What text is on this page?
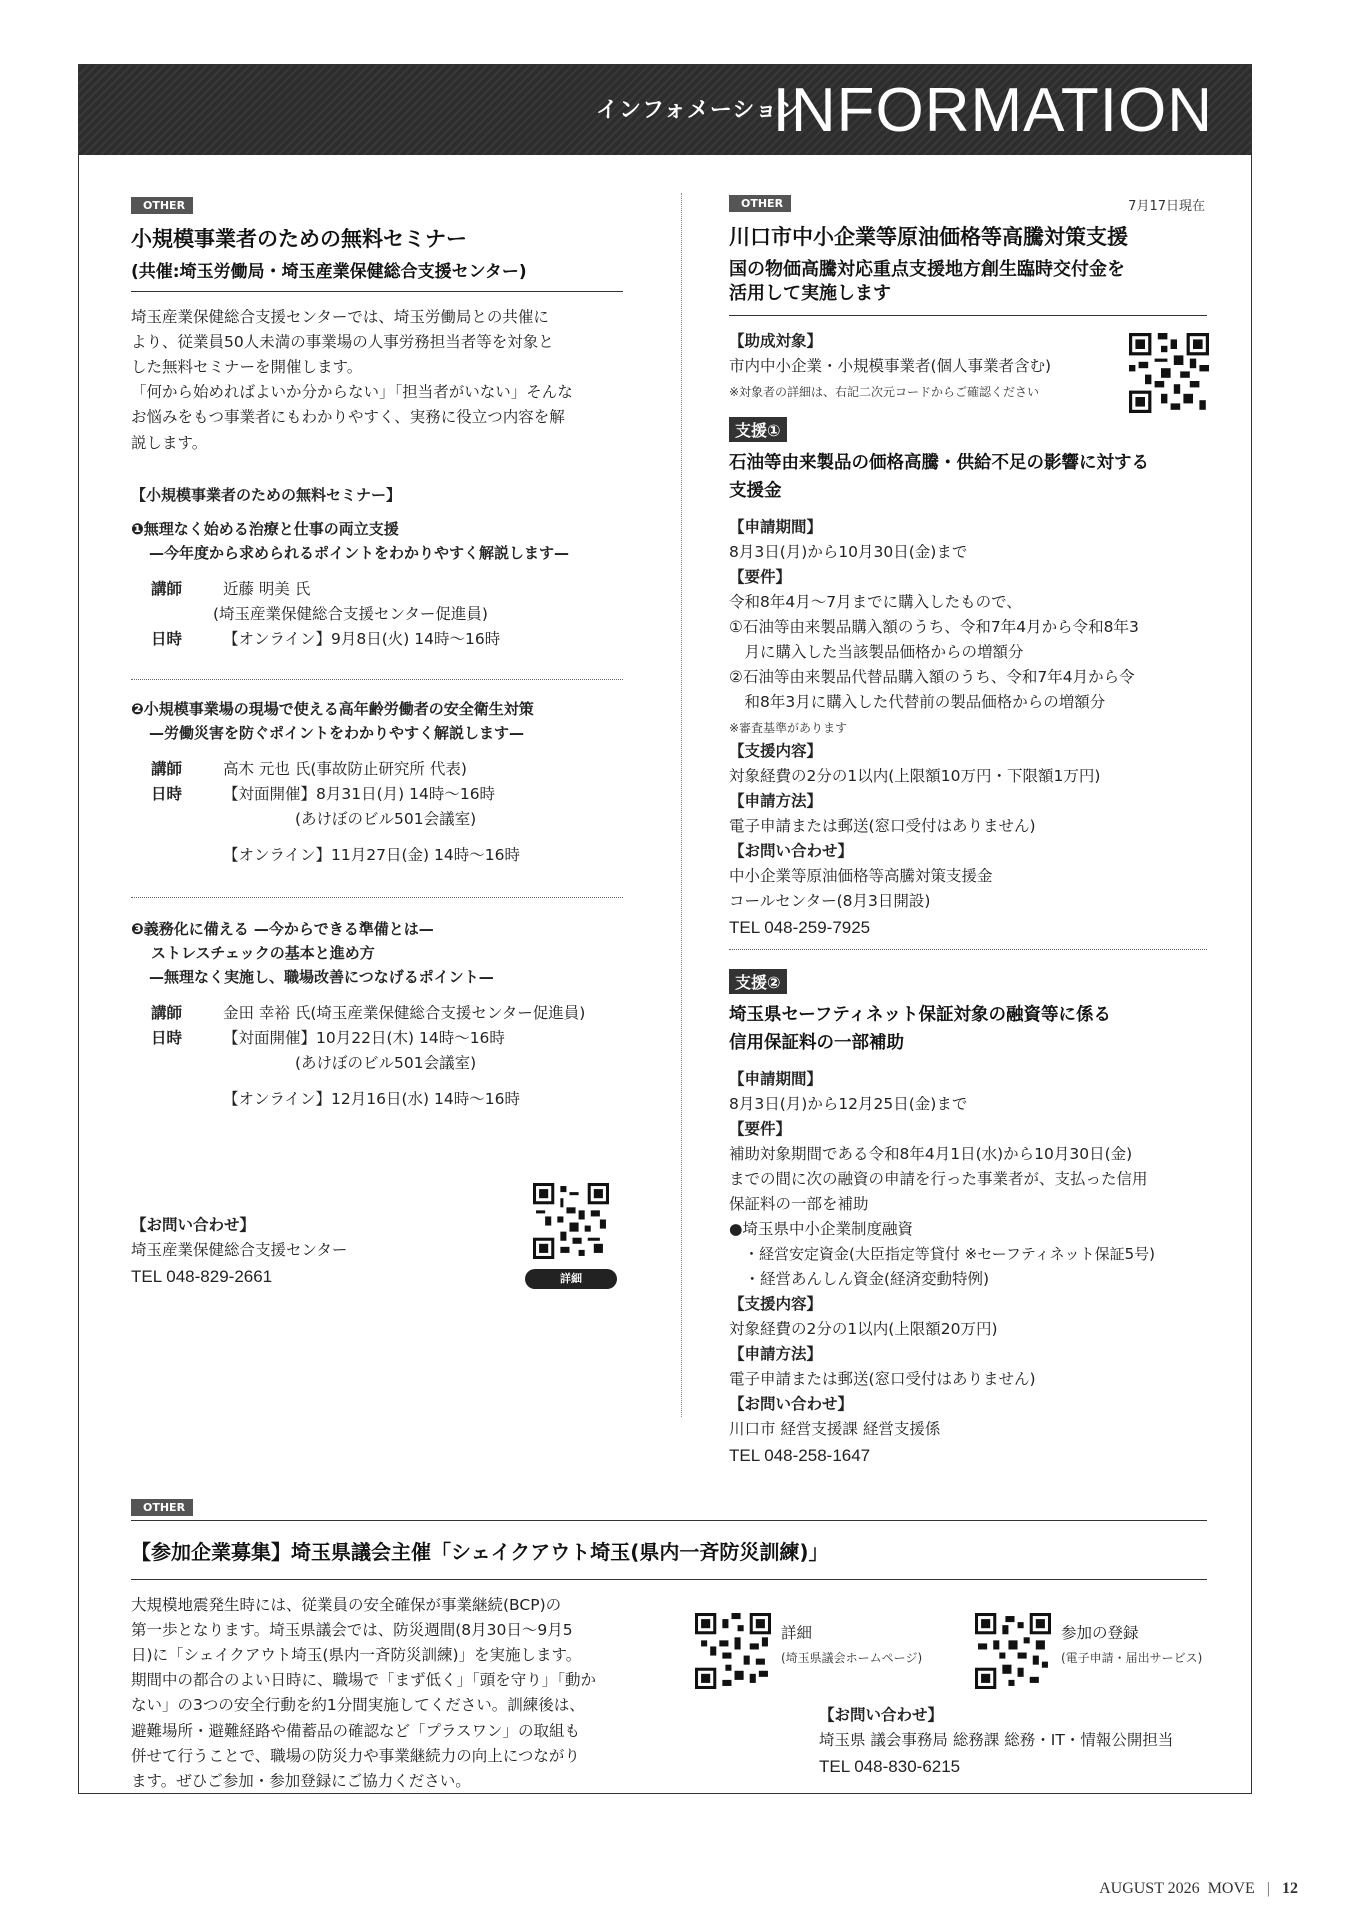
インフォメーション
INFORMATION
OTHER
小規模事業者のための無料セミナー
(共催:埼玉労働局・埼玉産業保健総合支援センター)
埼玉産業保健総合支援センターでは、埼玉労働局との共催に
より、従業員50人未満の事業場の人事労務担当者等を対象と
した無料セミナーを開催します。
「何から始めればよいか分からない」「担当者がいない」そんな
お悩みをもつ事業者にもわかりやすく、実務に役立つ内容を解
説します。
【小規模事業者のための無料セミナー】
❶無理なく始める治療と仕事の両立支援
—今年度から求められるポイントをわかりやすく解説します—
講師	近藤 明美 氏
(埼玉産業保健総合支援センター促進員)
日時	【オンライン】9月8日(火) 14時〜16時
❷小規模事業場の現場で使える高年齢労働者の安全衛生対策
—労働災害を防ぐポイントをわかりやすく解説します—
講師	高木 元也 氏(事故防止研究所 代表)
日時	【対面開催】8月31日(月) 14時〜16時
(あけぼのビル501会議室)
【オンライン】11月27日(金) 14時〜16時
❸義務化に備える —今からできる準備とは—
ストレスチェックの基本と進め方
—無理なく実施し、職場改善につなげるポイント—
講師	金田 幸裕 氏(埼玉産業保健総合支援センター促進員)
日時	【対面開催】10月22日(木) 14時〜16時
(あけぼのビル501会議室)
【オンライン】12月16日(水) 14時〜16時
【お問い合わせ】
埼玉産業保健総合支援センター
TEL 048-829-2661	詳細
OTHER	7月17日現在
川口市中小企業等原油価格等高騰対策支援
国の物価高騰対応重点支援地方創生臨時交付金を
活用して実施します
【助成対象】
市内中小企業・小規模事業者(個人事業者含む)
※対象者の詳細は、右記二次元コードからご確認ください
支援①
石油等由来製品の価格高騰・供給不足の影響に対する
支援金
【申請期間】
8月3日(月)から10月30日(金)まで
【要件】
令和8年4月〜7月までに購入したもので、
①石油等由来製品購入額のうち、令和7年4月から令和8年3
　月に購入した当該製品価格からの増額分
②石油等由来製品代替品購入額のうち、令和7年4月から令
　和8年3月に購入した代替前の製品価格からの増額分
※審査基準があります
【支援内容】
対象経費の2分の1以内(上限額10万円・下限額1万円)
【申請方法】
電子申請または郵送(窓口受付はありません)
【お問い合わせ】
中小企業等原油価格等高騰対策支援金
コールセンター(8月3日開設)
TEL 048-259-7925
支援②
埼玉県セーフティネット保証対象の融資等に係る
信用保証料の一部補助
【申請期間】
8月3日(月)から12月25日(金)まで
【要件】
補助対象期間である令和8年4月1日(水)から10月30日(金)
までの間に次の融資の申請を行った事業者が、支払った信用
保証料の一部を補助
●埼玉県中小企業制度融資
　・経営安定資金(大臣指定等貸付 ※セーフティネット保証5号)
　・経営あんしん資金(経済変動特例)
【支援内容】
対象経費の2分の1以内(上限額20万円)
【申請方法】
電子申請または郵送(窓口受付はありません)
【お問い合わせ】
川口市 経営支援課 経営支援係
TEL 048-258-1647
OTHER
【参加企業募集】埼玉県議会主催「シェイクアウト埼玉(県内一斉防災訓練)」
大規模地震発生時には、従業員の安全確保が事業継続(BCP)の
第一歩となります。埼玉県議会では、防災週間(8月30日〜9月5
日)に「シェイクアウト埼玉(県内一斉防災訓練)」を実施します。
期間中の都合のよい日時に、職場で「まず低く」「頭を守り」「動か
ない」の3つの安全行動を約1分間実施してください。訓練後は、
避難場所・避難経路や備蓄品の確認など「プラスワン」の取組も
併せて行うことで、職場の防災力や事業継続力の向上につながり
ます。ぜひご参加・参加登録にご協力ください。
詳細
(埼玉県議会ホームページ)
参加の登録
(電子申請・届出サービス)
【お問い合わせ】
埼玉県 議会事務局 総務課 総務・IT・情報公開担当
TEL 048-830-6215
AUGUST 2026 MOVE | 12
